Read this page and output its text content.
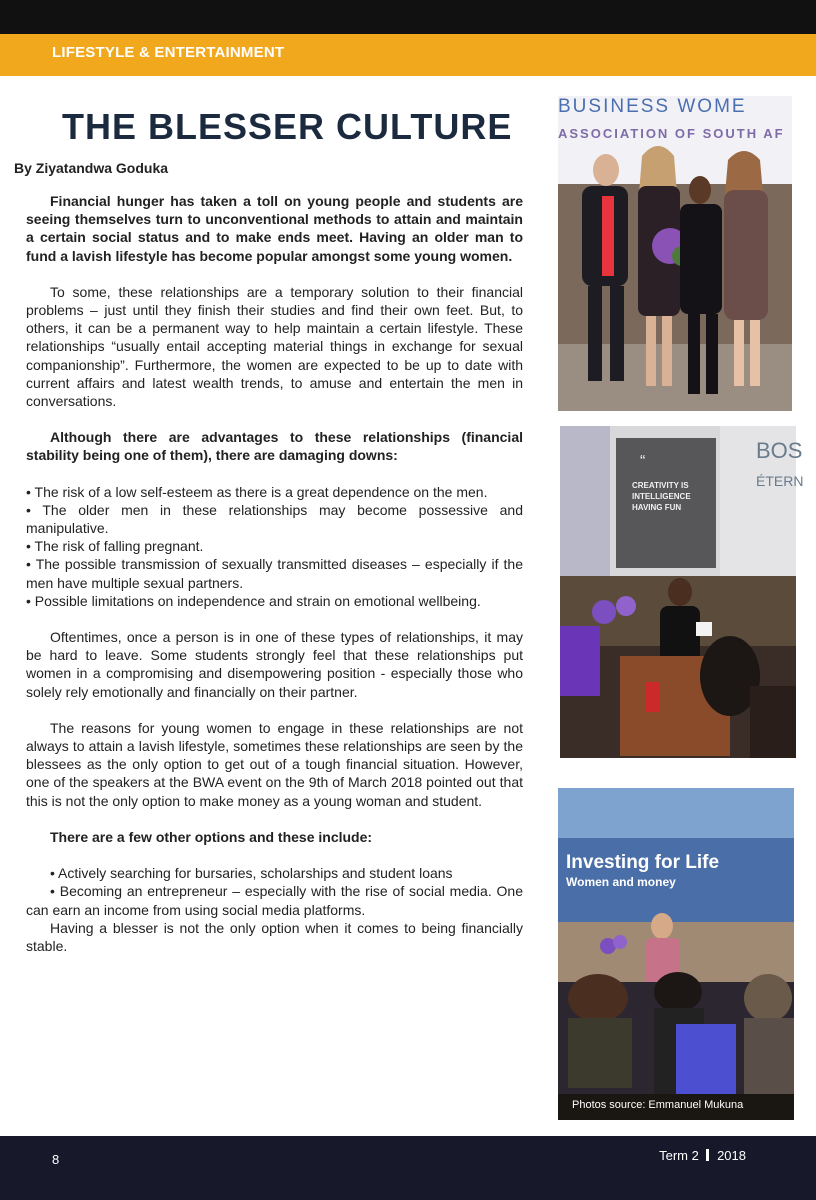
LIFESTYLE & ENTERTAINMENT
THE BLESSER CULTURE
By Ziyatandwa Goduka

Financial hunger has taken a toll on young people and students are seeing themselves turn to unconventional methods to attain and maintain a certain social status and to make ends meet. Having an older man to fund a lavish lifestyle has become popular amongst some young women.

To some, these relationships are a temporary solution to their financial problems – just until they finish their studies and find their own feet. But, to others, it can be a permanent way to help maintain a certain lifestyle. These relationships “usually entail accepting material things in exchange for sexual companionship”. Furthermore, the women are expected to be up to date with current affairs and latest wealth trends, to amuse and entertain the men in conversations.

Although there are advantages to these relationships (financial stability being one of them), there are damaging downs:

• The risk of a low self-esteem as there is a great dependence on the men.

• The older men in these relationships may become possessive and manipulative.

• The risk of falling pregnant.

• The possible transmission of sexually transmitted diseases – especially if the men have multiple sexual partners.

• Possible limitations on independence and strain on emotional wellbeing.

Oftentimes, once a person is in one of these types of relationships, it may be hard to leave. Some students strongly feel that these relationships put women in a compromising and disempowering position - especially those who solely rely emotionally and financially on their partner.

The reasons for young women to engage in these relationships are not always to attain a lavish lifestyle, sometimes these relationships are seen by the blessees as the only option to get out of a tough financial situation. However, one of the speakers at the BWA event on the 9th of March 2018 pointed out that this is not the only option to make money as a young woman and student.

There are a few other options and these include:

• Actively searching for bursaries, scholarships and student loans

• Becoming an entrepreneur – especially with the rise of social media. One can earn an income from using social media platforms.

Having a blesser is not the only option when it comes to being financially stable.

BUSINESS WOME
ASSOCIATION OF SOUTH AF
“
CREATIVITY IS INTELLIGENCE HAVING FUN
BOS
ÉTERN
Investing for Life
Women and money
Photos source: Emmanuel Mukuna
8	Term 2 2018
